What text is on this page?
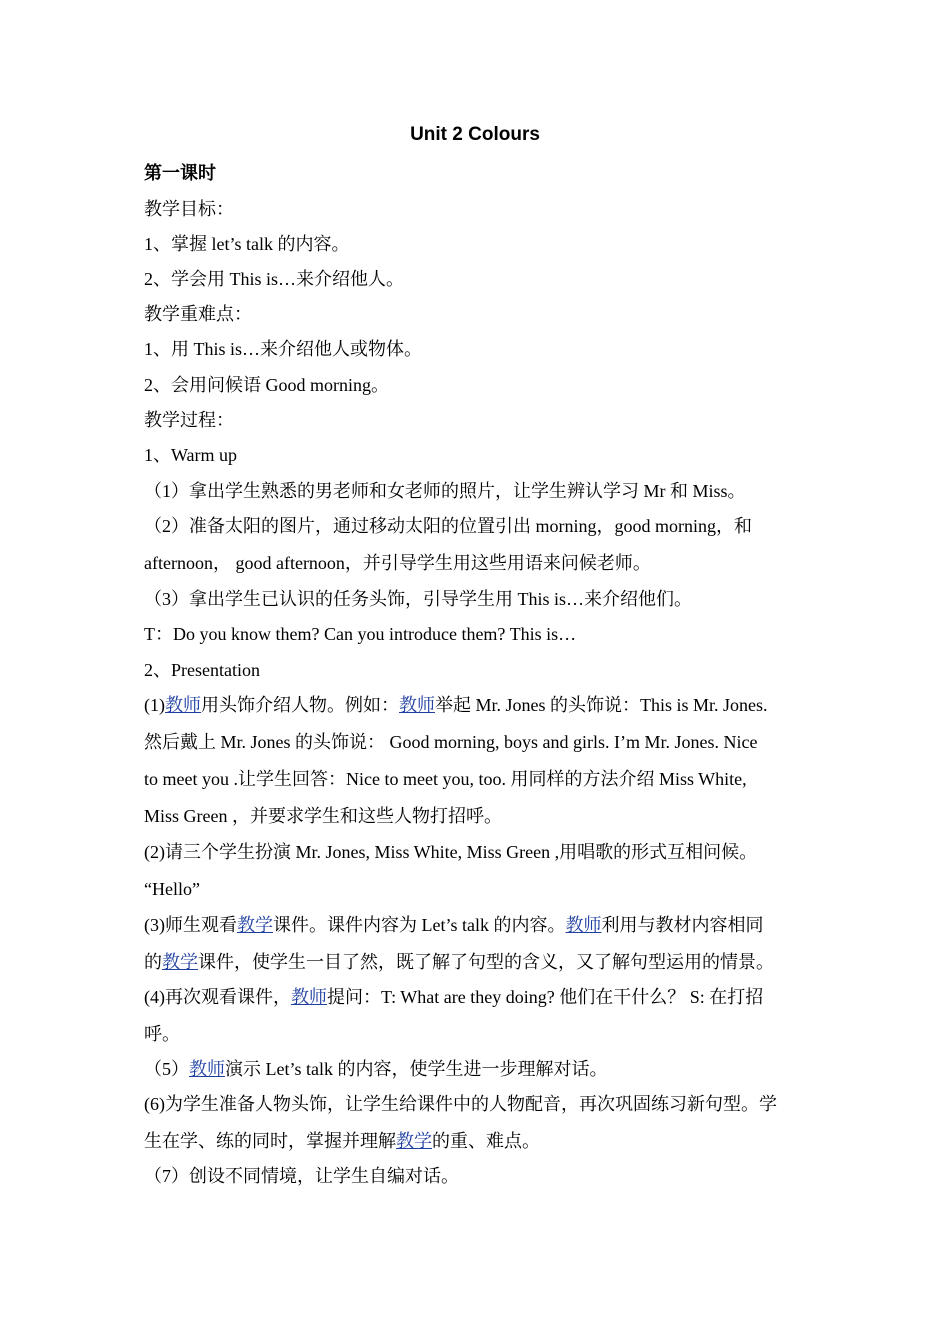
Unit 2 Colours
第一课时
教学目标：
1、掌握 let’s talk 的内容。
2、学会用 This is…来介绍他人。
教学重难点：
1、用 This is…来介绍他人或物体。
2、会用问候语 Good morning。
教学过程：
1、Warm up
（1）拿出学生熟悉的男老师和女老师的照片，让学生辨认学习 Mr 和 Miss。
（2）准备太阳的图片，通过移动太阳的位置引出 morning，good morning，和
afternoon， good afternoon，并引导学生用这些用语来问候老师。
（3）拿出学生已认识的任务头饰，引导学生用 This is…来介绍他们。
T：Do you know them? Can you introduce them? This is…
2、Presentation
(1)教师用头饰介绍人物。例如：教师举起 Mr. Jones 的头饰说：This is Mr. Jones.
然后戴上 Mr. Jones 的头饰说： Good morning, boys and girls. I’m Mr. Jones. Nice
to meet you .让学生回答：Nice to meet you, too. 用同样的方法介绍 Miss White,
Miss Green ，并要求学生和这些人物打招呼。
(2)请三个学生扮演 Mr. Jones, Miss White, Miss Green ,用唱歌的形式互相问候。
“Hello”
(3)师生观看教学课件。课件内容为 Let’s talk 的内容。教师利用与教材内容相同
的教学课件，使学生一目了然，既了解了句型的含义，又了解句型运用的情景。
(4)再次观看课件，教师提问：T: What are they doing? 他们在干什么？ S: 在打招
呼。
（5）教师演示 Let’s talk 的内容，使学生进一步理解对话。
(6)为学生准备人物头饰，让学生给课件中的人物配音，再次巩固练习新句型。学
生在学、练的同时，掌握并理解教学的重、难点。
（7）创设不同情境，让学生自编对话。
